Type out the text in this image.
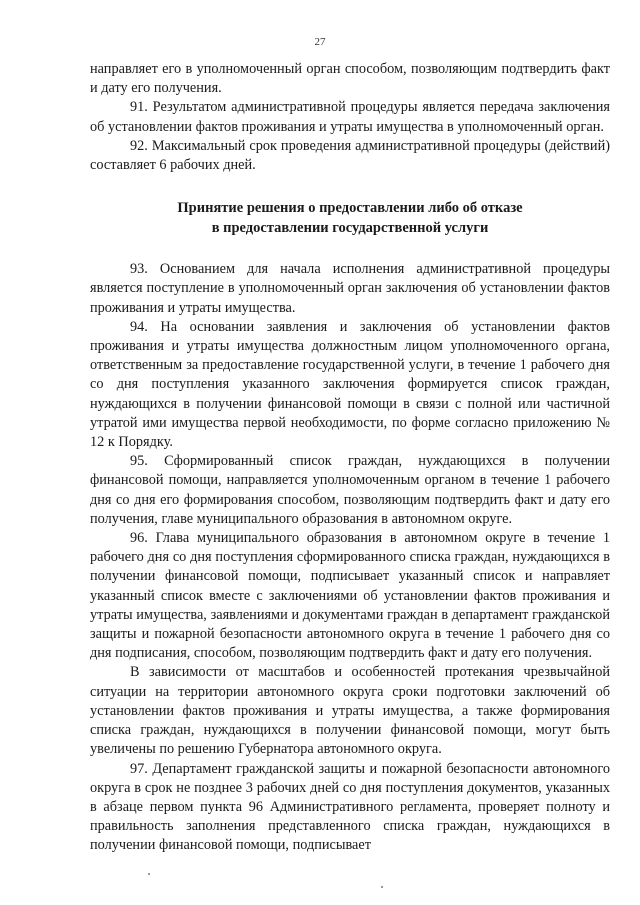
27

направляет его в уполномоченный орган способом, позволяющим подтвердить факт и дату его получения.

91. Результатом административной процедуры является передача заключения об установлении фактов проживания и утраты имущества в уполномоченный орган.

92. Максимальный срок проведения административной процедуры (действий) составляет 6 рабочих дней.

Принятие решения о предоставлении либо об отказе
в предоставлении государственной услуги

93. Основанием для начала исполнения административной процедуры является поступление в уполномоченный орган заключения об установлении фактов проживания и утраты имущества.

94. На основании заявления и заключения об установлении фактов проживания и утраты имущества должностным лицом уполномоченного органа, ответственным за предоставление государственной услуги, в течение 1 рабочего дня со дня поступления указанного заключения формируется список граждан, нуждающихся в получении финансовой помощи в связи с полной или частичной утратой ими имущества первой необходимости, по форме согласно приложению № 12 к Порядку.

95. Сформированный список граждан, нуждающихся в получении финансовой помощи, направляется уполномоченным органом в течение 1 рабочего дня со дня его формирования способом, позволяющим подтвердить факт и дату его получения, главе муниципального образования в автономном округе.

96. Глава муниципального образования в автономном округе в течение 1 рабочего дня со дня поступления сформированного списка граждан, нуждающихся в получении финансовой помощи, подписывает указанный список и направляет указанный список вместе с заключениями об установлении фактов проживания и утраты имущества, заявлениями и документами граждан в департамент гражданской защиты и пожарной безопасности автономного округа в течение 1 рабочего дня со дня подписания, способом, позволяющим подтвердить факт и дату его получения.

В зависимости от масштабов и особенностей протекания чрезвычайной ситуации на территории автономного округа сроки подготовки заключений об установлении фактов проживания и утраты имущества, а также формирования списка граждан, нуждающихся в получении финансовой помощи, могут быть увеличены по решению Губернатора автономного округа.

97. Департамент гражданской защиты и пожарной безопасности автономного округа в срок не позднее 3 рабочих дней со дня поступления документов, указанных в абзаце первом пункта 96 Административного регламента, проверяет полноту и правильность заполнения представленного списка граждан, нуждающихся в получении финансовой помощи, подписывает
